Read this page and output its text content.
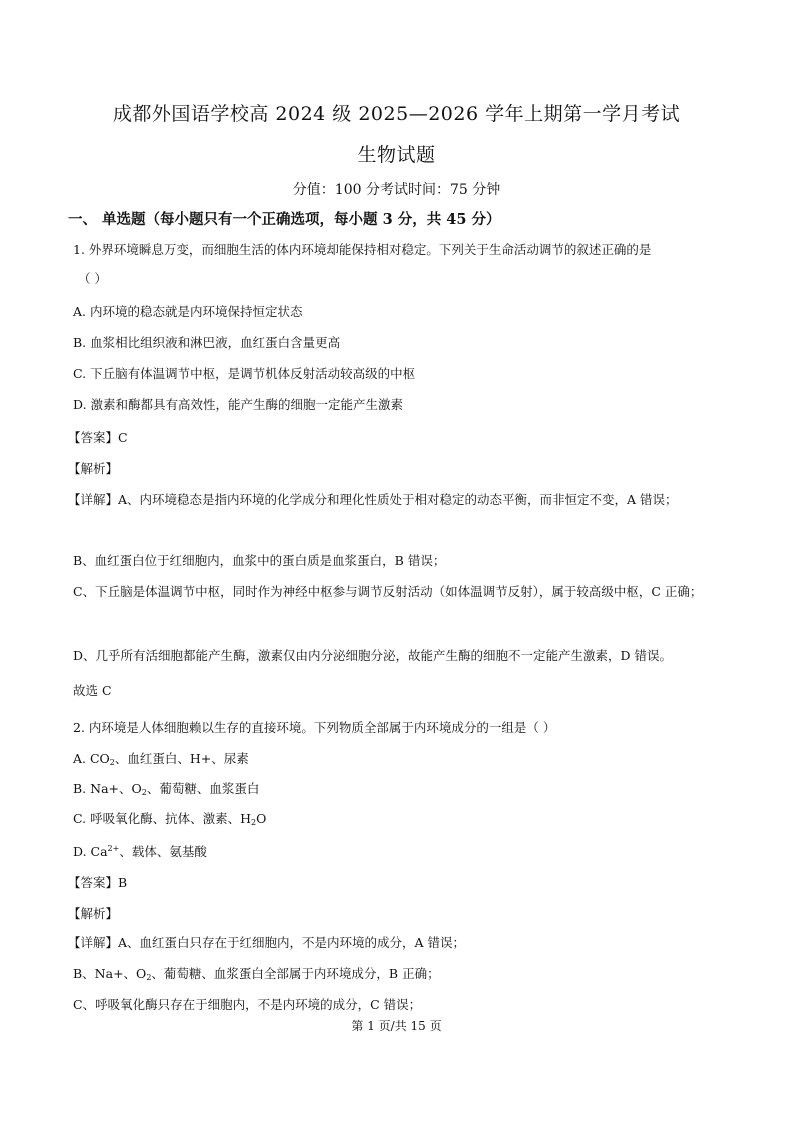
成都外国语学校高 2024 级 2025—2026 学年上期第一学月考试
生物试题
分值：100 分考试时间：75 分钟
一、 单选题（每小题只有一个正确选项，每小题 3 分，共 45 分）
1. 外界环境瞬息万变，而细胞生活的体内环境却能保持相对稳定。下列关于生命活动调节的叙述正确的是
（ ）
A. 内环境的稳态就是内环境保持恒定状态
B. 血浆相比组织液和淋巴液，血红蛋白含量更高
C. 下丘脑有体温调节中枢，是调节机体反射活动较高级的中枢
D. 激素和酶都具有高效性，能产生酶的细胞一定能产生激素
【答案】C
【解析】
【详解】A、内环境稳态是指内环境的化学成分和理化性质处于相对稳定的动态平衡，而非恒定不变，A 错误；
B、血红蛋白位于红细胞内，血浆中的蛋白质是血浆蛋白，B 错误；
C、下丘脑是体温调节中枢，同时作为神经中枢参与调节反射活动（如体温调节反射），属于较高级中枢，C 正确；
D、几乎所有活细胞都能产生酶，激素仅由内分泌细胞分泌，故能产生酶的细胞不一定能产生激素，D 错误。
故选 C
2. 内环境是人体细胞赖以生存的直接环境。下列物质全部属于内环境成分的一组是（ ）
A. $CO_2$、血红蛋白、H+、尿素
B. Na+、$O_2$、葡萄糖、血浆蛋白
C. 呼吸氧化酶、抗体、激素、$H_2O$
D. $Ca^{2+}$、载体、氨基酸
【答案】B
【解析】
【详解】A、血红蛋白只存在于红细胞内，不是内环境的成分，A 错误；
B、Na+、$O_2$、葡萄糖、血浆蛋白全部属于内环境成分，B 正确；
C、呼吸氧化酶只存在于细胞内，不是内环境的成分，C 错误；
第 1 页/共 15 页
